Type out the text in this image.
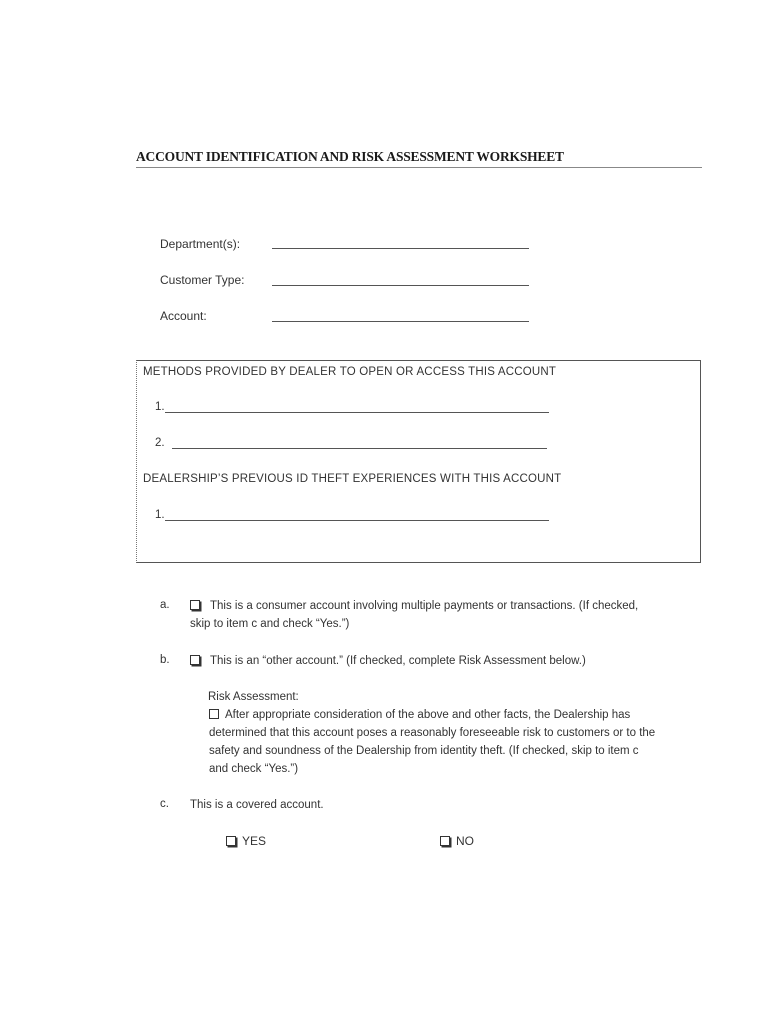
ACCOUNT IDENTIFICATION AND RISK ASSESSMENT WORKSHEET
Department(s):
Customer Type:
Account:
METHODS PROVIDED BY DEALER TO OPEN OR ACCESS THIS ACCOUNT
1.
2.
DEALERSHIP’S PREVIOUS ID THEFT EXPERIENCES WITH THIS ACCOUNT
1.
a.	This is a consumer account involving multiple payments or transactions. (If checked,
skip to item c and check “Yes.”)
b.	This is an “other account.” (If checked, complete Risk Assessment below.)
Risk Assessment:
After appropriate consideration of the above and other facts, the Dealership has
determined that this account poses a reasonably foreseeable risk to customers or to the
safety and soundness of the Dealership from identity theft. (If checked, skip to item c
and check “Yes.”)
c. This is a covered account.
YES	NO
